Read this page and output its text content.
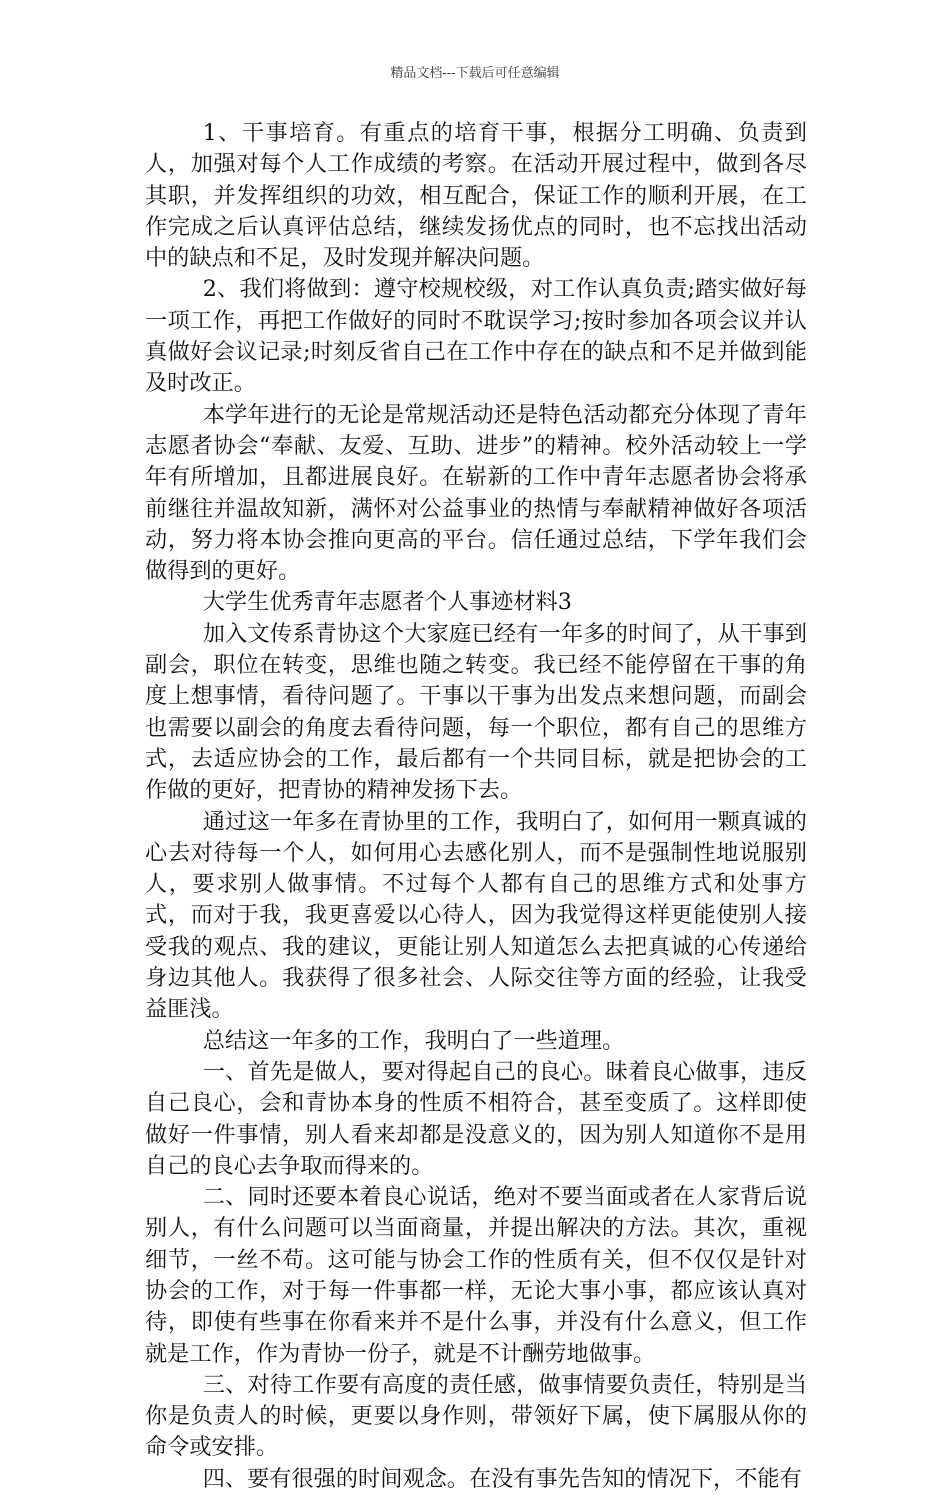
精品文档---下载后可任意编辑

1、干事培育。有重点的培育干事，根据分工明确、负责到人，加强对每个人工作成绩的考察。在活动开展过程中，做到各尽其职，并发挥组织的功效，相互配合，保证工作的顺利开展，在工作完成之后认真评估总结，继续发扬优点的同时，也不忘找出活动中的缺点和不足，及时发现并解决问题。

2、我们将做到：遵守校规校级，对工作认真负责;踏实做好每一项工作，再把工作做好的同时不耽误学习;按时参加各项会议并认真做好会议记录;时刻反省自己在工作中存在的缺点和不足并做到能及时改正。

本学年进行的无论是常规活动还是特色活动都充分体现了青年志愿者协会“奉献、友爱、互助、进步”的精神。校外活动较上一学年有所增加，且都进展良好。在崭新的工作中青年志愿者协会将承前继往并温故知新，满怀对公益事业的热情与奉献精神做好各项活动，努力将本协会推向更高的平台。信任通过总结，下学年我们会做得到的更好。

大学生优秀青年志愿者个人事迹材料3

加入文传系青协这个大家庭已经有一年多的时间了，从干事到副会，职位在转变，思维也随之转变。我已经不能停留在干事的角度上想事情，看待问题了。干事以干事为出发点来想问题，而副会也需要以副会的角度去看待问题，每一个职位，都有自己的思维方式，去适应协会的工作，最后都有一个共同目标，就是把协会的工作做的更好，把青协的精神发扬下去。

通过这一年多在青协里的工作，我明白了，如何用一颗真诚的心去对待每一个人，如何用心去感化别人，而不是强制性地说服别人，要求别人做事情。不过每个人都有自己的思维方式和处事方式，而对于我，我更喜爱以心待人，因为我觉得这样更能使别人接受我的观点、我的建议，更能让别人知道怎么去把真诚的心传递给身边其他人。我获得了很多社会、人际交往等方面的经验，让我受益匪浅。

总结这一年多的工作，我明白了一些道理。

一、首先是做人，要对得起自己的良心。昧着良心做事，违反自己良心，会和青协本身的性质不相符合，甚至变质了。这样即使做好一件事情，别人看来却都是没意义的，因为别人知道你不是用自己的良心去争取而得来的。

二、同时还要本着良心说话，绝对不要当面或者在人家背后说别人，有什么问题可以当面商量，并提出解决的方法。其次，重视细节，一丝不苟。这可能与协会工作的性质有关，但不仅仅是针对协会的工作，对于每一件事都一样，无论大事小事，都应该认真对待，即使有些事在你看来并不是什么事，并没有什么意义，但工作就是工作，作为青协一份子，就是不计酬劳地做事。

三、对待工作要有高度的责任感，做事情要负责任，特别是当你是负责人的时候，更要以身作则，带领好下属，使下属服从你的命令或安排。

四、要有很强的时间观念。在没有事先告知的情况下，不能有
